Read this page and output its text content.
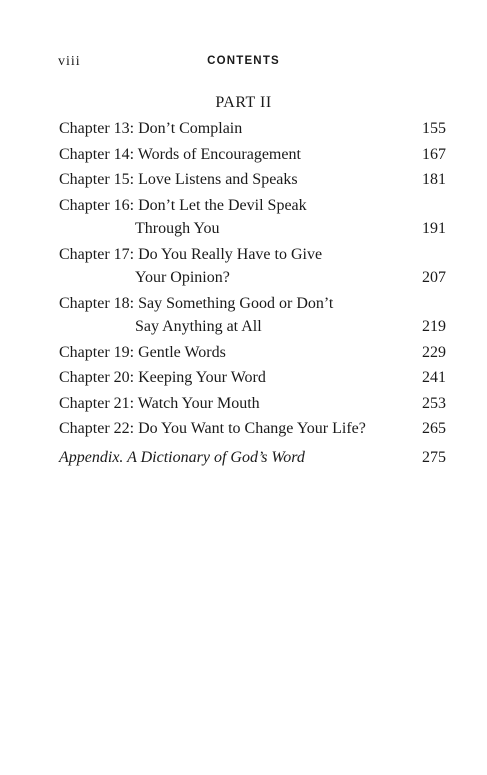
viii	CONTENTS
PART II
Chapter 13: Don’t Complain	155
Chapter 14: Words of Encouragement	167
Chapter 15: Love Listens and Speaks	181
Chapter 16: Don’t Let the Devil Speak
Through You	191
Chapter 17: Do You Really Have to Give
Your Opinion?	207
Chapter 18: Say Something Good or Don’t
Say Anything at All	219
Chapter 19: Gentle Words	229
Chapter 20: Keeping Your Word	241
Chapter 21: Watch Your Mouth	253
Chapter 22: Do You Want to Change Your Life?	265
Appendix. A Dictionary of God’s Word	275
